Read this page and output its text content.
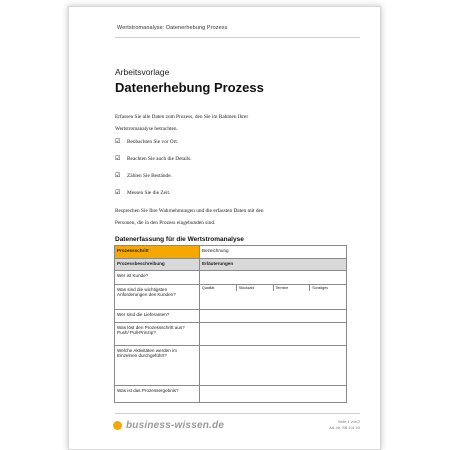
Wertstromanalyse: Datenerhebung Prozess
Arbeitsvorlage
Datenerhebung Prozess
Erfassen Sie alle Daten zum Prozess, den Sie im Rahmen Ihrer
Wertstromanalyse betrachten.
☑	Beobachten Sie vor Ort.
☑	Beachten Sie auch die Details.
☑	Zählen Sie Bestände.
☑	Messen Sie die Zeit.
Besprechen Sie Ihre Wahrnehmungen und die erfassten Daten mit den
Personen, die in den Prozess eingebunden sind.
Datenerfassung für die Wertstromanalyse
Prozessschritt	Bezeichnung
Prozessbeschreibung	Erläuterungen
Wer ist Kunde?	
Was sind die wichtigsten Anforderungen des Kunden?	Qualität Stückzahl Termine Sonstiges

Wer sind die Lieferanten?	
Was löst den Prozessschritt aus? Push/ Pull-Prinzip?	
Welche Aktivitäten werden im Einzelnen durchgeführt?	
Was ist das Prozessergebnis?	
business-wissen.de	Seite 1 von 2
Art.-Nr. SB 101 03
